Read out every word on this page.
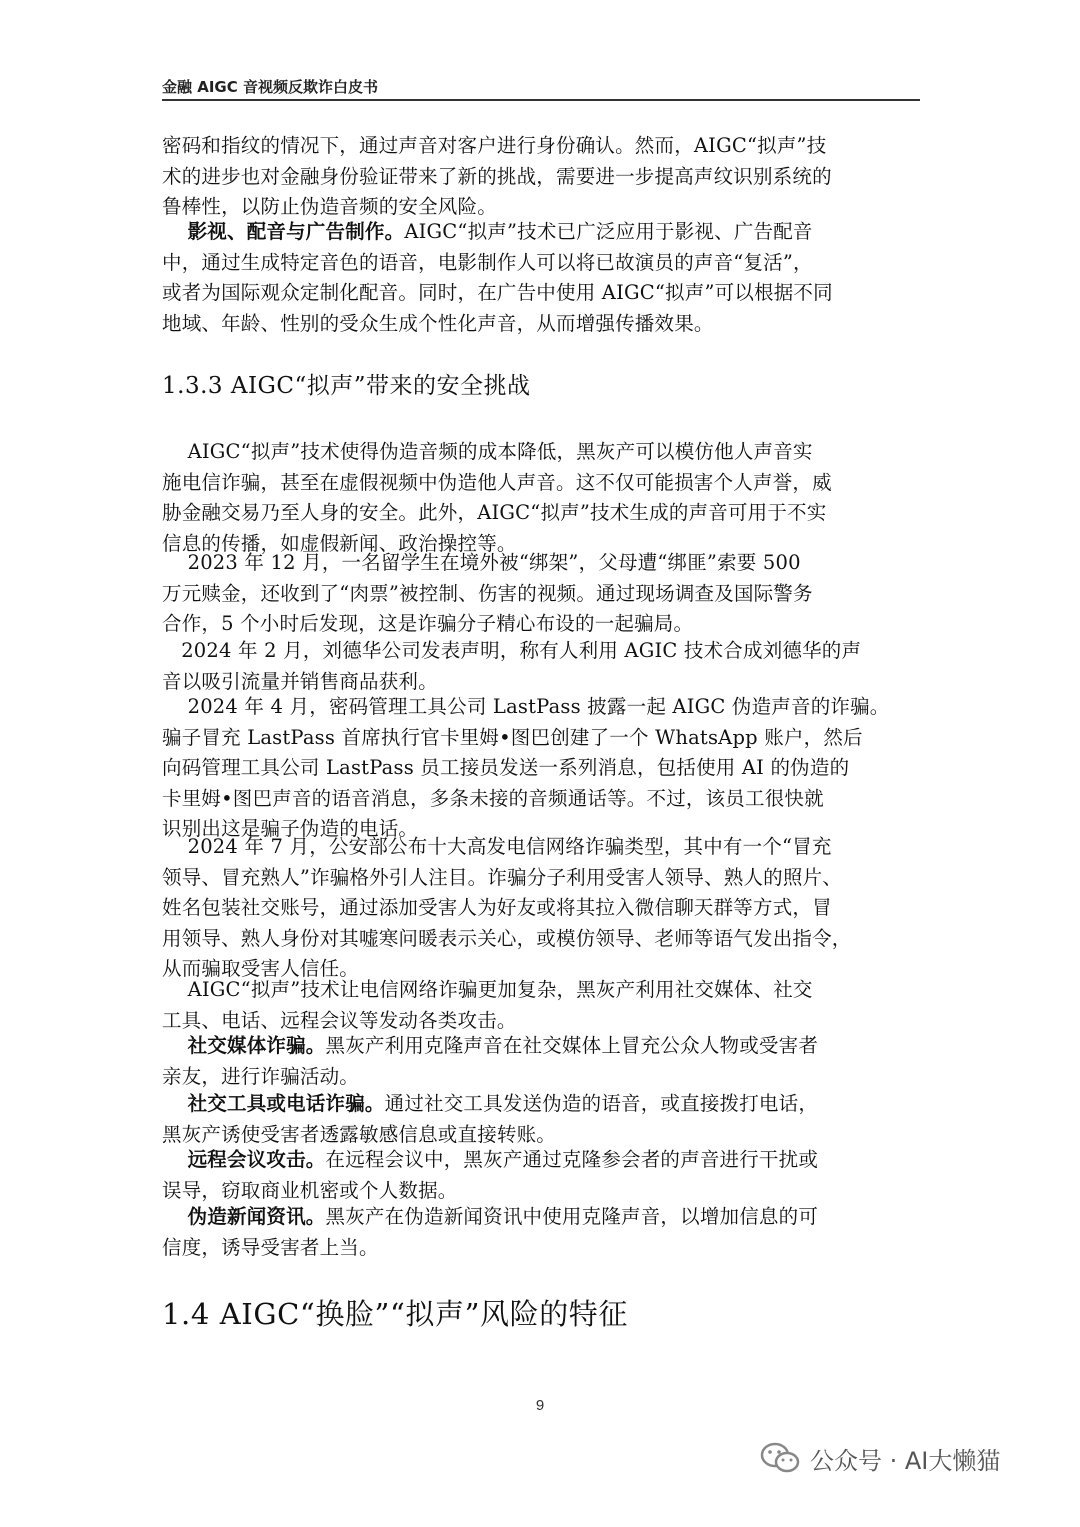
金融 AIGC 音视频反欺诈白皮书
密码和指纹的情况下，通过声音对客户进行身份确认。然而，AIGC“拟声”技
术的进步也对金融身份验证带来了新的挑战，需要进一步提高声纹识别系统的
鲁棒性，以防止伪造音频的安全风险。
影视、配音与广告制作。AIGC“拟声”技术已广泛应用于影视、广告配音
中，通过生成特定音色的语音，电影制作人可以将已故演员的声音“复活”，
或者为国际观众定制化配音。同时，在广告中使用 AIGC“拟声”可以根据不同
地域、年龄、性别的受众生成个性化声音，从而增强传播效果。
1.3.3 AIGC“拟声”带来的安全挑战
AIGC“拟声”技术使得伪造音频的成本降低，黑灰产可以模仿他人声音实
施电信诈骗，甚至在虚假视频中伪造他人声音。这不仅可能损害个人声誉，威
胁金融交易乃至人身的安全。此外，AIGC“拟声”技术生成的声音可用于不实
信息的传播，如虚假新闻、政治操控等。
2023 年 12 月，一名留学生在境外被“绑架”，父母遭“绑匪”索要 500
万元赎金，还收到了“肉票”被控制、伤害的视频。通过现场调查及国际警务
合作，5 个小时后发现，这是诈骗分子精心布设的一起骗局。
2024 年 2 月，刘德华公司发表声明，称有人利用 AGIC 技术合成刘德华的声
音以吸引流量并销售商品获利。
2024 年 4 月，密码管理工具公司 LastPass 披露一起 AIGC 伪造声音的诈骗。
骗子冒充 LastPass 首席执行官卡里姆•图巴创建了一个 WhatsApp 账户，然后
向码管理工具公司 LastPass 员工接员发送一系列消息，包括使用 AI 的伪造的
卡里姆•图巴声音的语音消息，多条未接的音频通话等。不过，该员工很快就
识别出这是骗子伪造的电话。
2024 年 7 月，公安部公布十大高发电信网络诈骗类型，其中有一个“冒充
领导、冒充熟人”诈骗格外引人注目。诈骗分子利用受害人领导、熟人的照片、
姓名包装社交账号，通过添加受害人为好友或将其拉入微信聊天群等方式，冒
用领导、熟人身份对其嘘寒问暖表示关心，或模仿领导、老师等语气发出指令，
从而骗取受害人信任。
AIGC“拟声”技术让电信网络诈骗更加复杂，黑灰产利用社交媒体、社交
工具、电话、远程会议等发动各类攻击。
社交媒体诈骗。黑灰产利用克隆声音在社交媒体上冒充公众人物或受害者
亲友，进行诈骗活动。
社交工具或电话诈骗。通过社交工具发送伪造的语音，或直接拨打电话，
黑灰产诱使受害者透露敏感信息或直接转账。
远程会议攻击。在远程会议中，黑灰产通过克隆参会者的声音进行干扰或
误导，窃取商业机密或个人数据。
伪造新闻资讯。黑灰产在伪造新闻资讯中使用克隆声音，以增加信息的可
信度，诱导受害者上当。
1.4 AIGC“换脸”“拟声”风险的特征
9
公众号 · AI大懒猫
